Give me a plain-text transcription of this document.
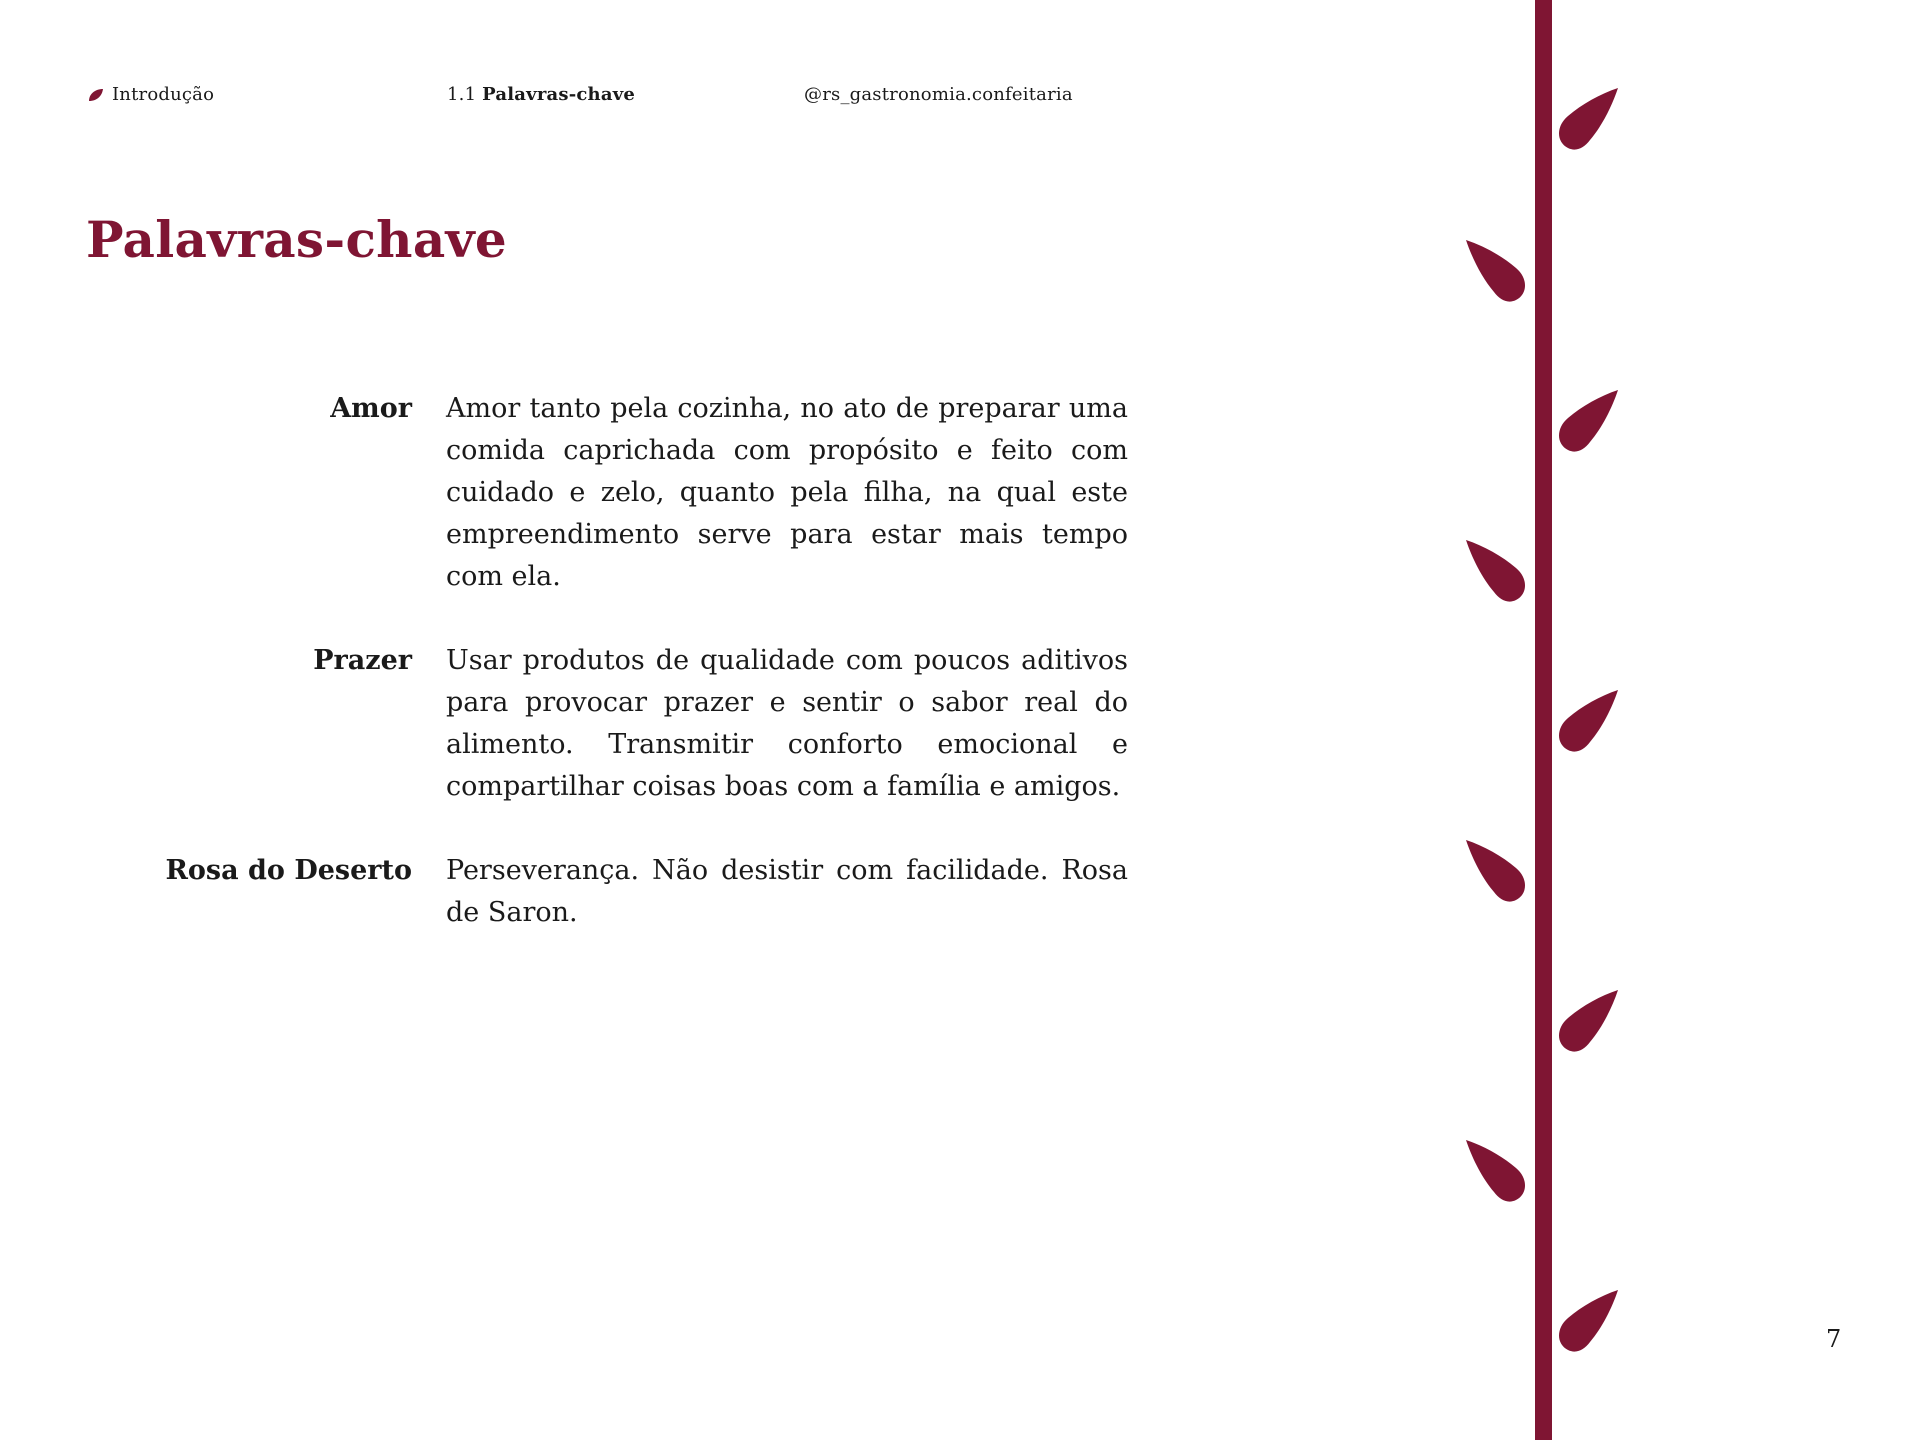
Introdução	1.1 Palavras-chave	@rs_gastronomia.confeitaria
Palavras-chave
Amor Amor tanto pela cozinha, no ato de preparar uma comida caprichada com propósito e feito com cuidado e zelo, quanto pela filha, na qual este empreendimento serve para estar mais tempo com ela.
Prazer Usar produtos de qualidade com poucos aditivos para provocar prazer e sentir o sabor real do alimento. Transmitir conforto emocional e compartilhar coisas boas com a família e amigos.
Rosa do Deserto Perseverança. Não desistir com facilidade. Rosa de Saron.
7
